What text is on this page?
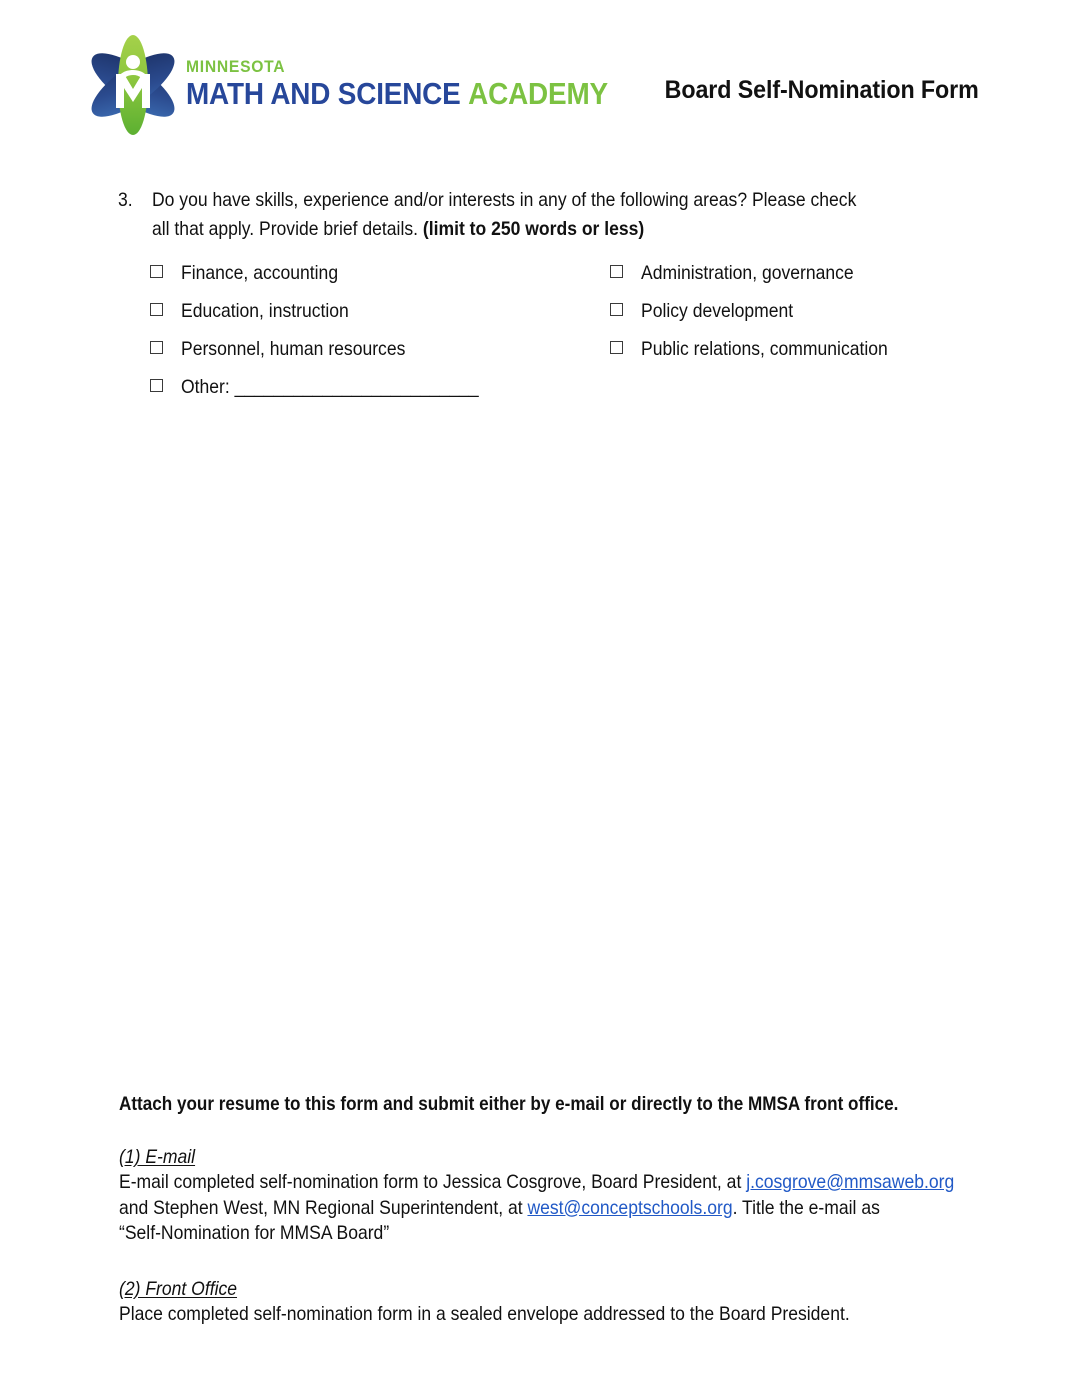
MINNESOTA
MATH AND SCIENCE ACADEMY Board Self-Nomination Form
3. Do you have skills, experience and/or interests in any of the following areas? Please check all that apply. Provide brief details. (limit to 250 words or less)
Finance, accounting
Education, instruction
Personnel, human resources
Other: _________________________
Administration, governance
Policy development
Public relations, communication
Attach your resume to this form and submit either by e-mail or directly to the MMSA front office.
(1) E-mail
E-mail completed self-nomination form to Jessica Cosgrove, Board President, at j.cosgrove@mmsaweb.org
and Stephen West, MN Regional Superintendent, at west@conceptschools.org. Title the e-mail as
“Self-Nomination for MMSA Board”
(2) Front Office
Place completed self-nomination form in a sealed envelope addressed to the Board President.
